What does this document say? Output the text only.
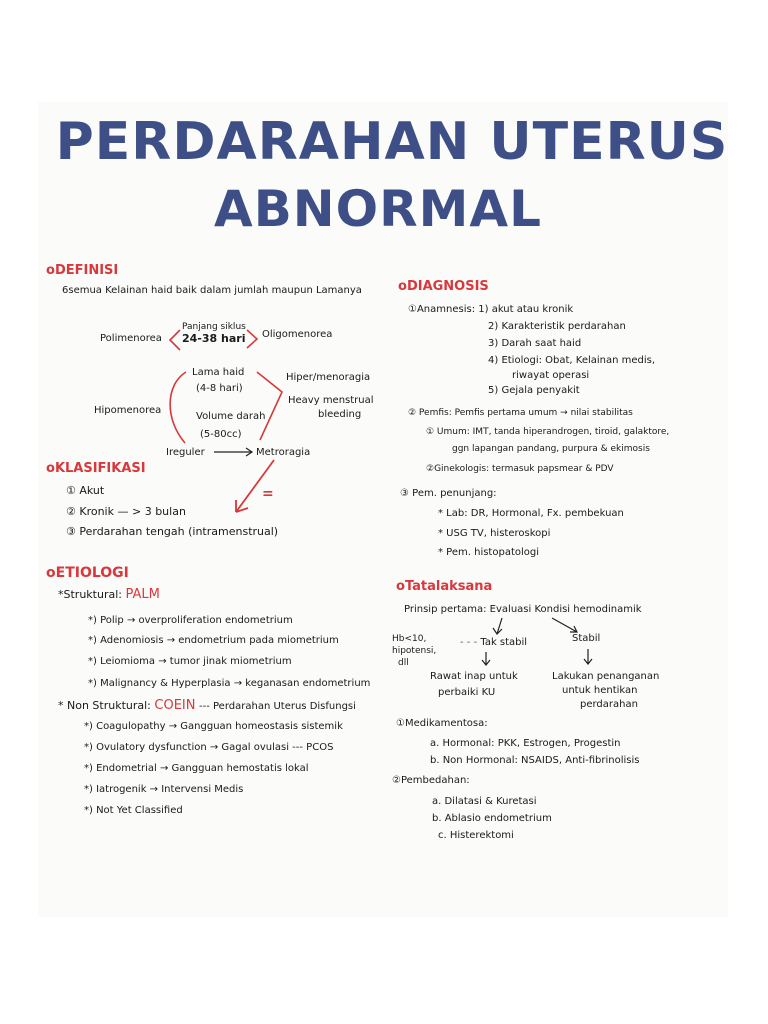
PERDARAHAN UTERUS
ABNORMAL
oDEFINISI
6semua Kelainan haid baik dalam jumlah maupun Lamanya
Polimenorea
Panjang siklus
24-38 hari Oligomenorea
Lama haid
(4-8 hari)
Hipomenorea
Volume darah
(5-80cc)
Hiper/menoragia
Heavy menstrual
bleeding
Ireguler	Metroragia
oKLASIFIKASI
① Akut
② Kronik — > 3 bulan
③ Perdarahan tengah (intramenstrual)
=
oETIOLOGI
*Struktural: PALM
*) Polip → overproliferation endometrium
*) Adenomiosis → endometrium pada miometrium
*) Leiomioma → tumor jinak miometrium
*) Malignancy & Hyperplasia → keganasan endometrium
* Non Struktural: COEIN --- Perdarahan Uterus Disfungsi
*) Coagulopathy → Gangguan homeostasis sistemik
*) Ovulatory dysfunction → Gagal ovulasi --- PCOS
*) Endometrial → Gangguan hemostatis lokal
*) Iatrogenik → Intervensi Medis
*) Not Yet Classified
oDIAGNOSIS
①Anamnesis: 1) akut atau kronik
2) Karakteristik perdarahan
3) Darah saat haid
4) Etiologi: Obat, Kelainan medis,
riwayat operasi
5) Gejala penyakit
② Pemfis: Pemfis pertama umum → nilai stabilitas
① Umum: IMT, tanda hiperandrogen, tiroid, galaktore,
ggn lapangan pandang, purpura & ekimosis
②Ginekologis: termasuk papsmear & PDV
③ Pem. penunjang:
* Lab: DR, Hormonal, Fx. pembekuan
* USG TV, histeroskopi
* Pem. histopatologi
oTatalaksana
Prinsip pertama: Evaluasi Kondisi hemodinamik
Hb<10,
hipotensi,
dll
- - - Tak stabil	Stabil
Rawat inap untuk
perbaiki KU
Lakukan penanganan
untuk hentikan
perdarahan
①Medikamentosa:
a. Hormonal: PKK, Estrogen, Progestin
b. Non Hormonal: NSAIDS, Anti-fibrinolisis
②Pembedahan:
a. Dilatasi & Kuretasi
b. Ablasio endometrium
c. Histerektomi
